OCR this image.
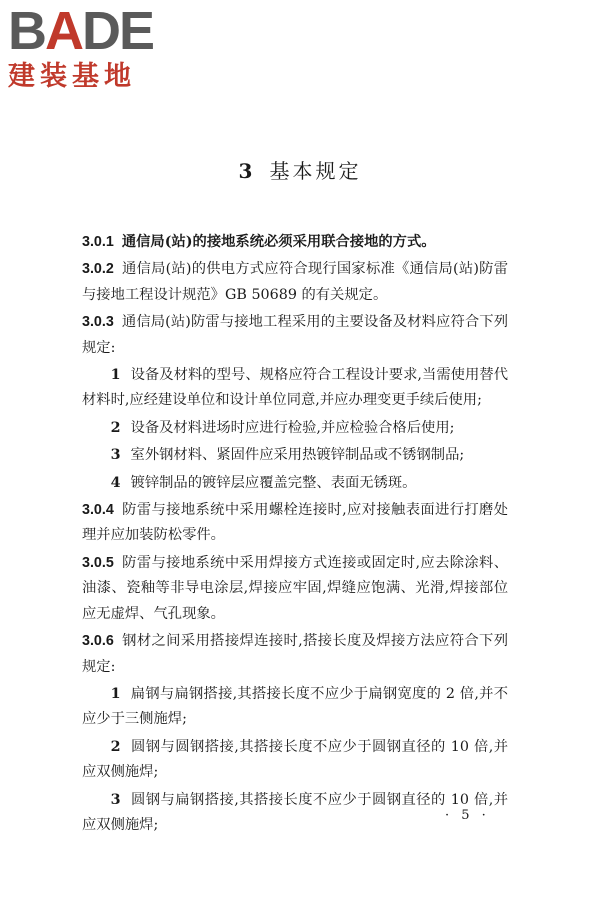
BADE
建装基地
3 基本规定

3.0.1 通信局(站)的接地系统必须采用联合接地的方式。

3.0.2 通信局(站)的供电方式应符合现行国家标准《通信局(站)防雷与接地工程设计规范》GB 50689 的有关规定。

3.0.3 通信局(站)防雷与接地工程采用的主要设备及材料应符合下列规定:

1 设备及材料的型号、规格应符合工程设计要求,当需使用替代材料时,应经建设单位和设计单位同意,并应办理变更手续后使用;

2 设备及材料进场时应进行检验,并应检验合格后使用;

3 室外钢材料、紧固件应采用热镀锌制品或不锈钢制品;

4 镀锌制品的镀锌层应覆盖完整、表面无锈斑。

3.0.4 防雷与接地系统中采用螺栓连接时,应对接触表面进行打磨处理并应加装防松零件。

3.0.5 防雷与接地系统中采用焊接方式连接或固定时,应去除涂料、油漆、瓷釉等非导电涂层,焊接应牢固,焊缝应饱满、光滑,焊接部位应无虚焊、气孔现象。

3.0.6 钢材之间采用搭接焊连接时,搭接长度及焊接方法应符合下列规定:

1 扁钢与扁钢搭接,其搭接长度不应少于扁钢宽度的 2 倍,并不应少于三侧施焊;

2 圆钢与圆钢搭接,其搭接长度不应少于圆钢直径的 10 倍,并应双侧施焊;

3 圆钢与扁钢搭接,其搭接长度不应少于圆钢直径的 10 倍,并应双侧施焊;

· 5 ·
